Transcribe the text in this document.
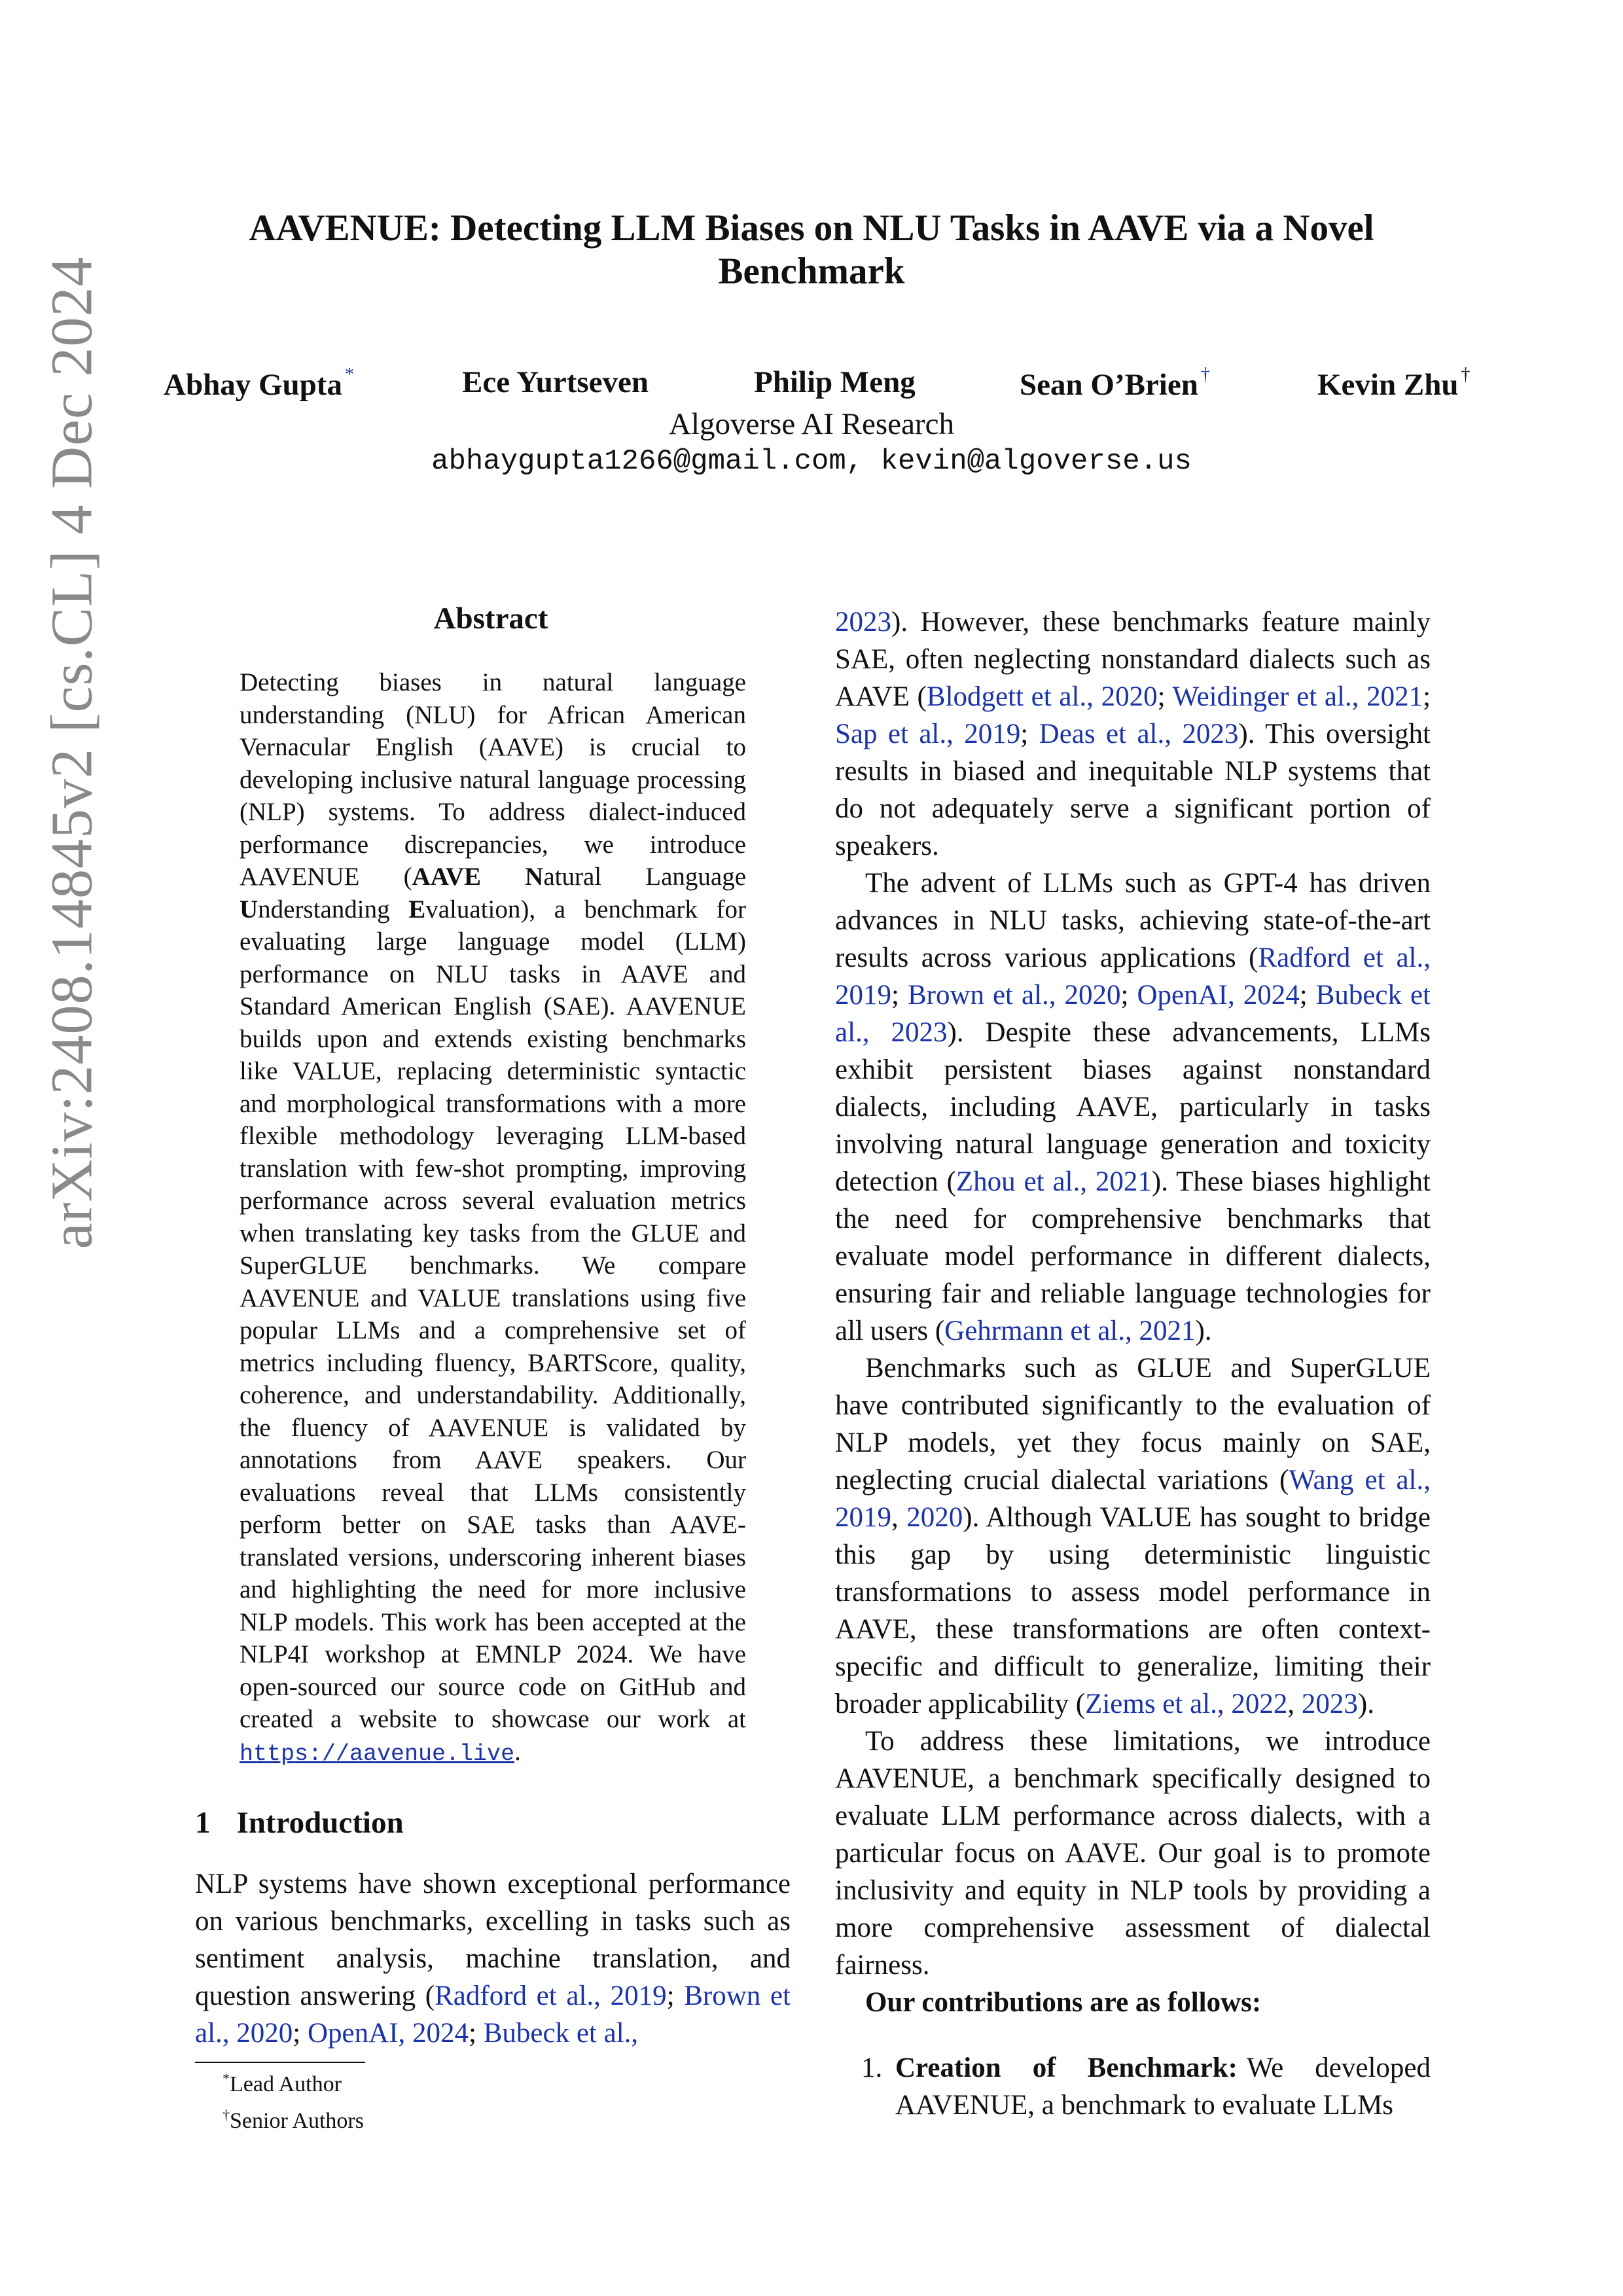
arXiv:2408.14845v2 [cs.CL] 4 Dec 2024
AAVENUE: Detecting LLM Biases on NLU Tasks in AAVE via a Novel Benchmark
Abhay Gupta *	Ece Yurtseven	Philip Meng	Sean O’Brien †	Kevin Zhu †
Algoverse AI Research
abhaygupta1266@gmail.com, kevin@algoverse.us
Abstract

Detecting biases in natural language understanding (NLU) for African American Vernacular English (AAVE) is crucial to developing inclusive natural language processing (NLP) systems. To address dialect-induced performance discrepancies, we introduce AAVENUE (AAVE Natural Language Understanding Evaluation), a benchmark for evaluating large language model (LLM) performance on NLU tasks in AAVE and Standard American English (SAE). AAVENUE builds upon and extends existing benchmarks like VALUE, replacing deterministic syntactic and morphological transformations with a more flexible methodology leveraging LLM-based translation with few-shot prompting, improving performance across several evaluation metrics when translating key tasks from the GLUE and SuperGLUE benchmarks. We compare AAVENUE and VALUE translations using five popular LLMs and a comprehensive set of metrics including fluency, BARTScore, quality, coherence, and understandability. Additionally, the fluency of AAVENUE is validated by annotations from AAVE speakers. Our evaluations reveal that LLMs consistently perform better on SAE tasks than AAVE-translated versions, underscoring inherent biases and highlighting the need for more inclusive NLP models. This work has been accepted at the NLP4I workshop at EMNLP 2024. We have open-sourced our source code on GitHub and created a website to showcase our work at https://aavenue.live.

1 Introduction

NLP systems have shown exceptional performance on various benchmarks, excelling in tasks such as sentiment analysis, machine translation, and question answering (Radford et al., 2019; Brown et al., 2020; OpenAI, 2024; Bubeck et al.,

*Lead Author
†Senior Authors

2023). However, these benchmarks feature mainly SAE, often neglecting nonstandard dialects such as AAVE (Blodgett et al., 2020; Weidinger et al., 2021; Sap et al., 2019; Deas et al., 2023). This oversight results in biased and inequitable NLP systems that do not adequately serve a significant portion of speakers.

The advent of LLMs such as GPT-4 has driven advances in NLU tasks, achieving state-of-the-art results across various applications (Radford et al., 2019; Brown et al., 2020; OpenAI, 2024; Bubeck et al., 2023). Despite these advancements, LLMs exhibit persistent biases against nonstandard dialects, including AAVE, particularly in tasks involving natural language generation and toxicity detection (Zhou et al., 2021). These biases highlight the need for comprehensive benchmarks that evaluate model performance in different dialects, ensuring fair and reliable language technologies for all users (Gehrmann et al., 2021).

Benchmarks such as GLUE and SuperGLUE have contributed significantly to the evaluation of NLP models, yet they focus mainly on SAE, neglecting crucial dialectal variations (Wang et al., 2019, 2020). Although VALUE has sought to bridge this gap by using deterministic linguistic transformations to assess model performance in AAVE, these transformations are often context-specific and difficult to generalize, limiting their broader applicability (Ziems et al., 2022, 2023).

To address these limitations, we introduce AAVENUE, a benchmark specifically designed to evaluate LLM performance across dialects, with a particular focus on AAVE. Our goal is to promote inclusivity and equity in NLP tools by providing a more comprehensive assessment of dialectal fairness.

Our contributions are as follows:

1. Creation of Benchmark: We developed AAVENUE, a benchmark to evaluate LLMs
